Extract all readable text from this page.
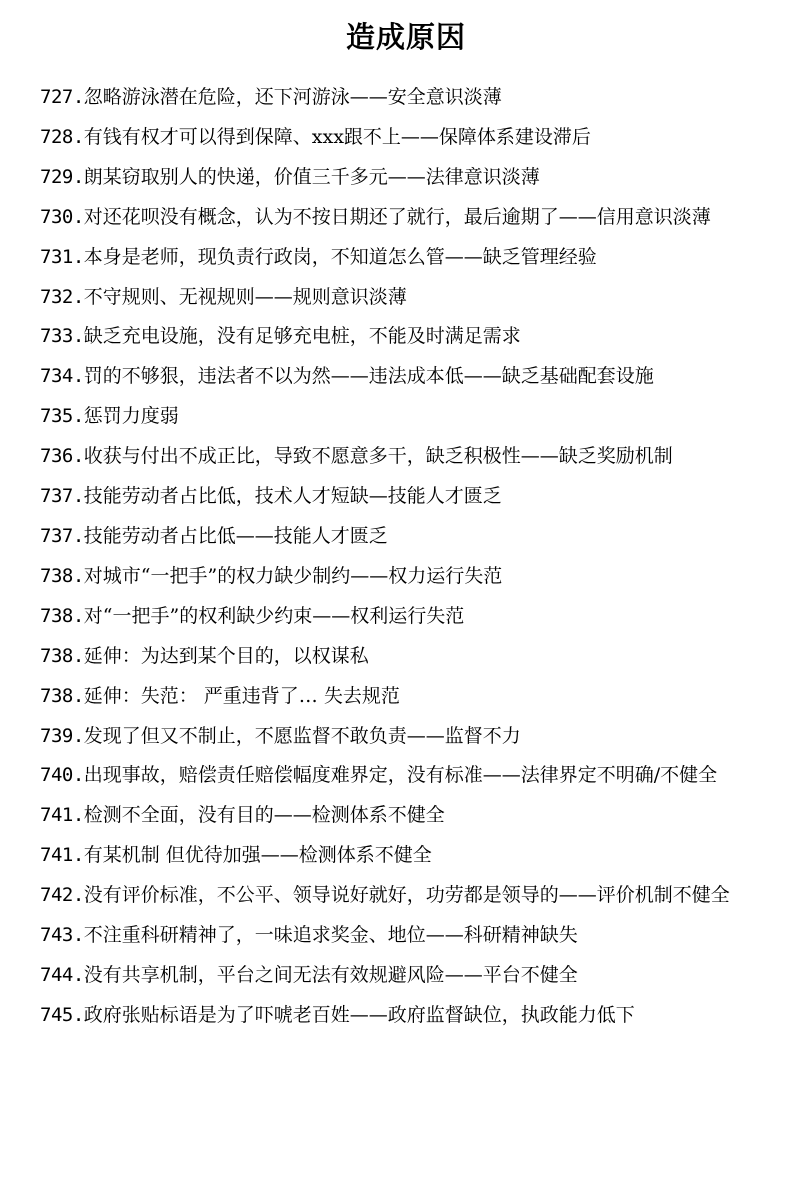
造成原因
727.忽略游泳潜在危险，还下河游泳——安全意识淡薄
728.有钱有权才可以得到保障、xxx跟不上——保障体系建设滞后
729.朗某窃取别人的快递，价值三千多元——法律意识淡薄
730.对还花呗没有概念，认为不按日期还了就行，最后逾期了——信用意识淡薄
731.本身是老师，现负责行政岗，不知道怎么管——缺乏管理经验
732.不守规则、无视规则——规则意识淡薄
733.缺乏充电设施，没有足够充电桩，不能及时满足需求
734.罚的不够狠，违法者不以为然——违法成本低——缺乏基础配套设施
735.惩罚力度弱
736.收获与付出不成正比，导致不愿意多干，缺乏积极性——缺乏奖励机制
737.技能劳动者占比低，技术人才短缺—技能人才匮乏
737.技能劳动者占比低——技能人才匮乏
738.对城市“一把手”的权力缺少制约——权力运行失范
738.对“一把手”的权利缺少约束——权利运行失范
738.延伸：为达到某个目的，以权谋私
738.延伸：失范： 严重违背了… 失去规范
739.发现了但又不制止，不愿监督不敢负责——监督不力
740.出现事故，赔偿责任赔偿幅度难界定，没有标准——法律界定不明确/不健全
741.检测不全面，没有目的——检测体系不健全
741.有某机制 但优待加强——检测体系不健全
742.没有评价标准，不公平、领导说好就好，功劳都是领导的——评价机制不健全
743.不注重科研精神了，一味追求奖金、地位——科研精神缺失
744.没有共享机制，平台之间无法有效规避风险——平台不健全
745.政府张贴标语是为了吓唬老百姓——政府监督缺位，执政能力低下
